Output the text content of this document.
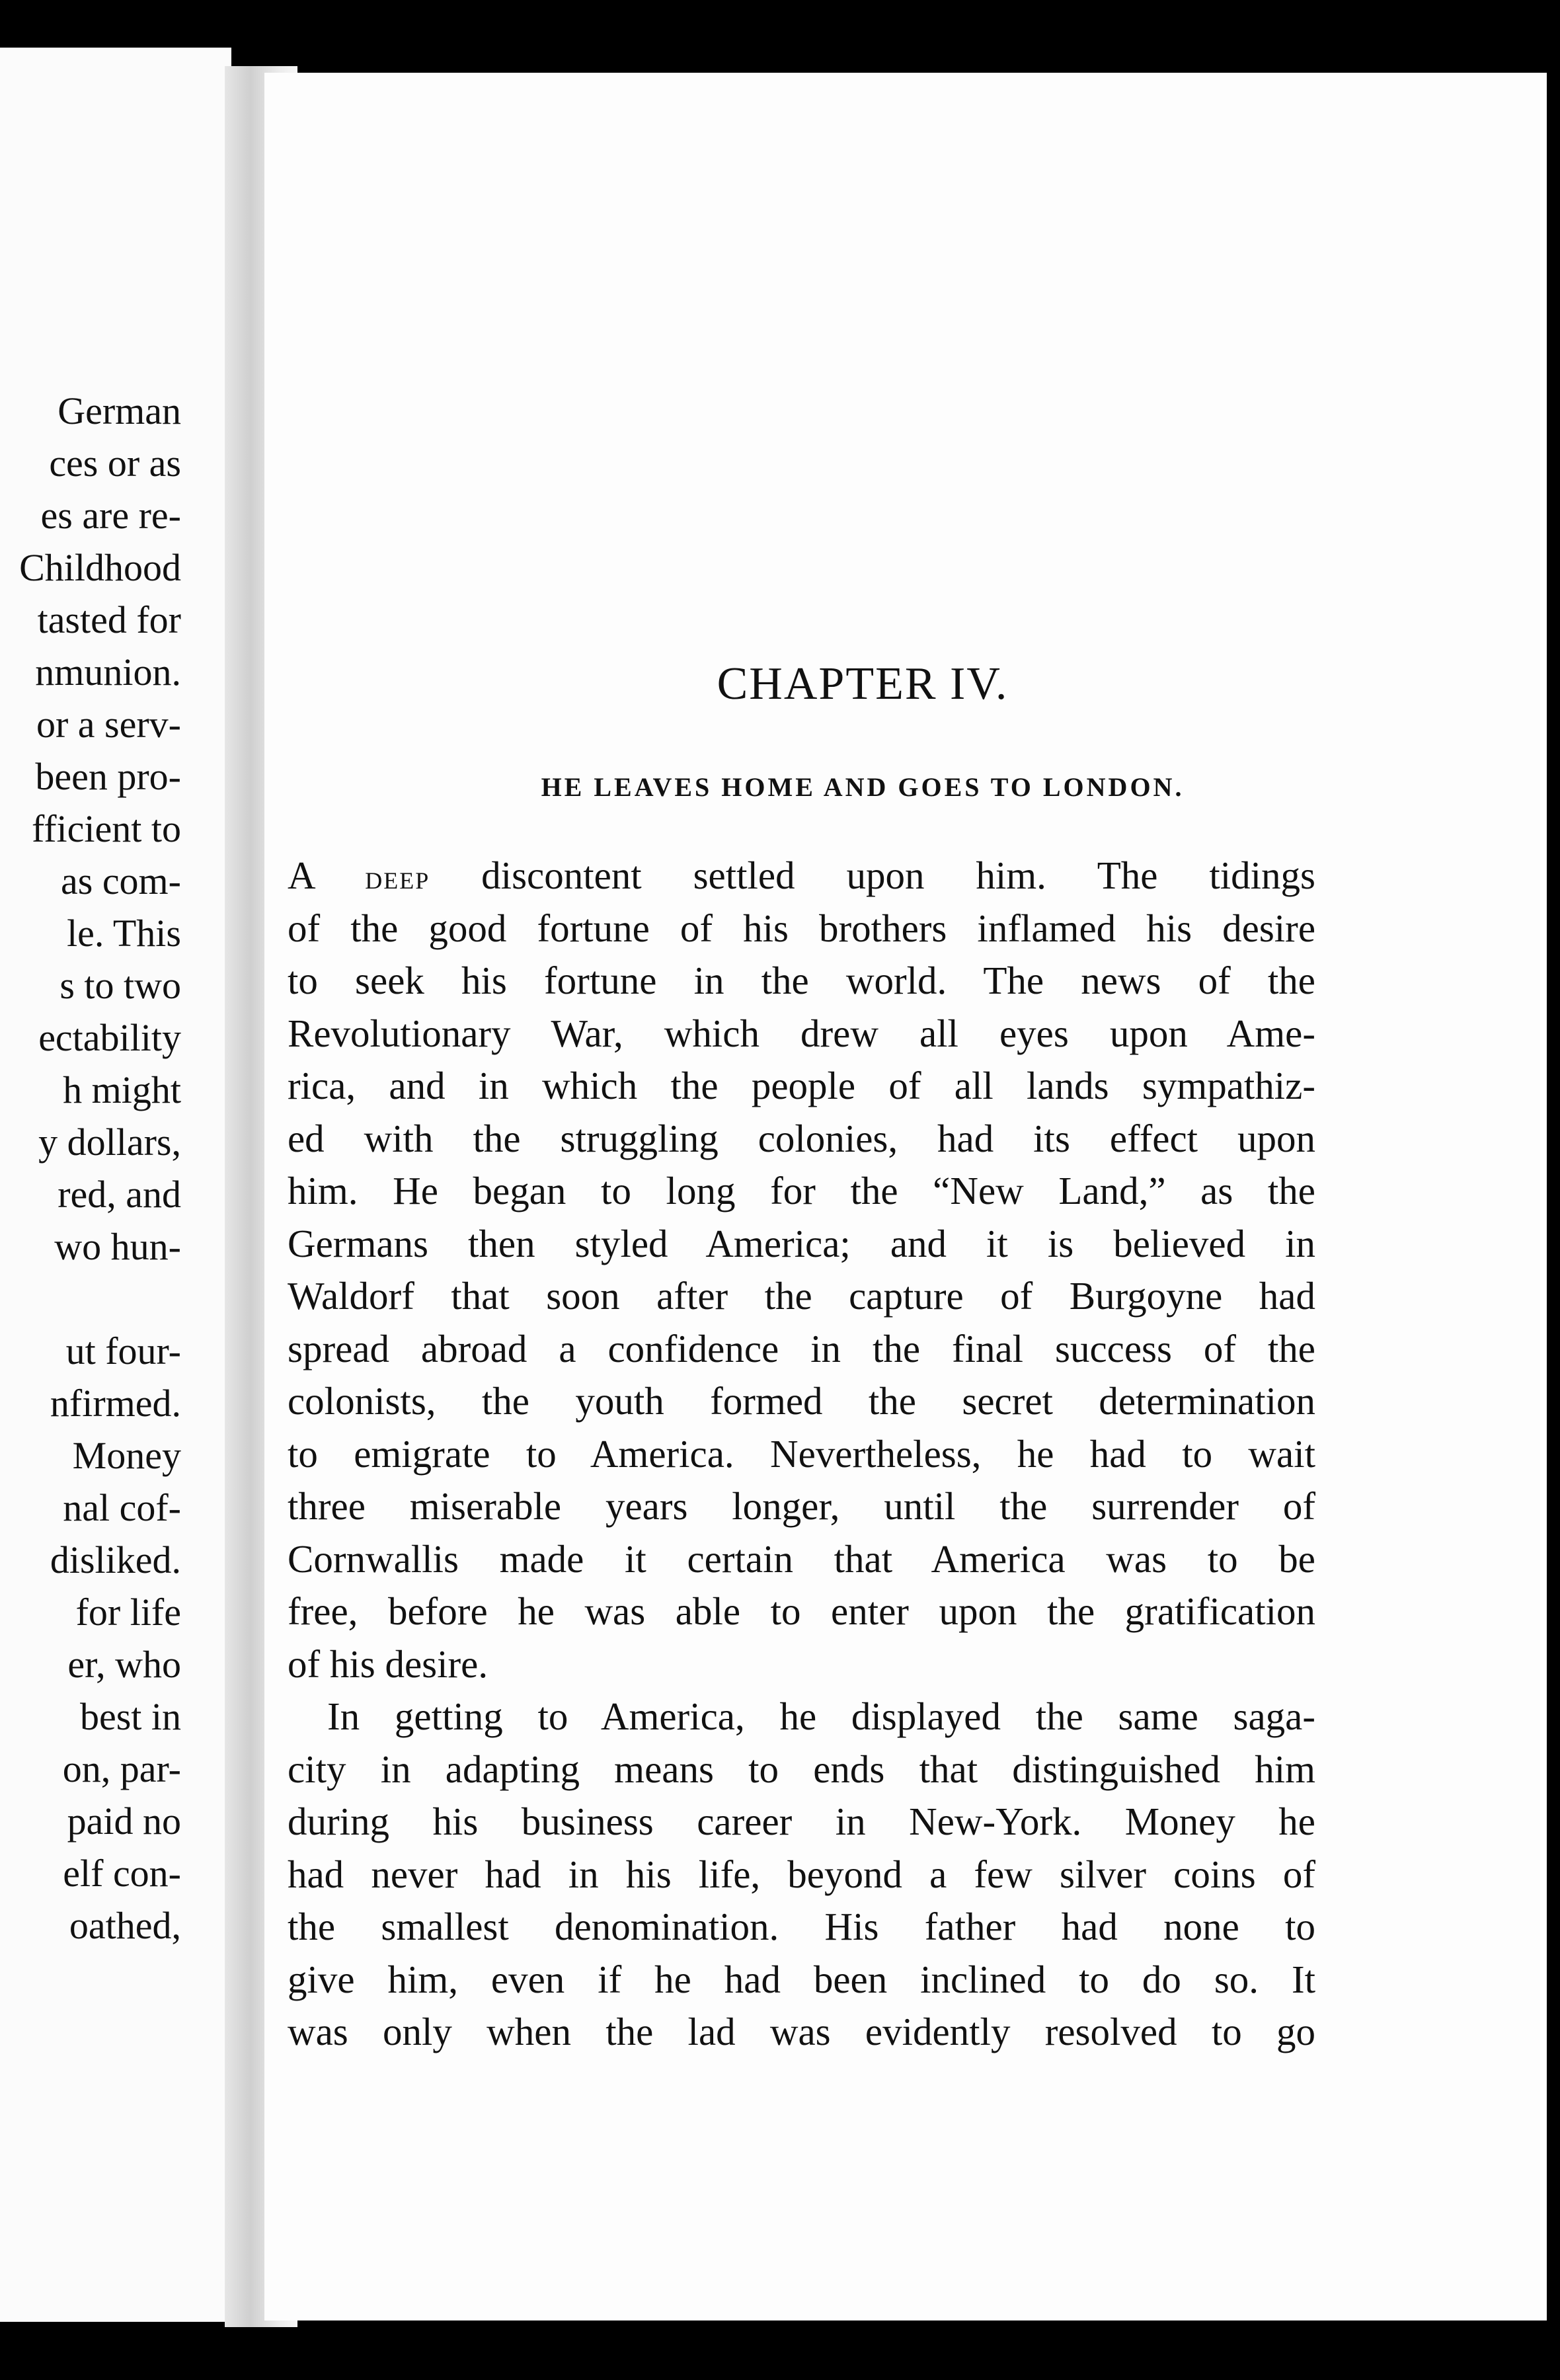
German
ces or as
es are re-
Childhood
tasted for
nmunion.
or a serv-
been pro-
fficient to
as com-
le. This
s to two
ectability
h might
y dollars,
red, and
wo hun-
ut four-
nfirmed.
Money
nal cof-
disliked.
for life
er, who
best in
on, par-
paid no
elf con-
oathed,
CHAPTER IV.
HE LEAVES HOME AND GOES TO LONDON.
A deep discontent settled upon him. The tidings
of the good fortune of his brothers inflamed his desire
to seek his fortune in the world. The news of the
Revolutionary War, which drew all eyes upon Ame-
rica, and in which the people of all lands sympathiz-
ed with the struggling colonies, had its effect upon
him. He began to long for the “New Land,” as the
Germans then styled America; and it is believed in
Waldorf that soon after the capture of Burgoyne had
spread abroad a confidence in the final success of the
colonists, the youth formed the secret determination
to emigrate to America. Nevertheless, he had to wait
three miserable years longer, until the surrender of
Cornwallis made it certain that America was to be
free, before he was able to enter upon the gratification
of his desire.
In getting to America, he displayed the same saga-
city in adapting means to ends that distinguished him
during his business career in New-York. Money he
had never had in his life, beyond a few silver coins of
the smallest denomination. His father had none to
give him, even if he had been inclined to do so. It
was only when the lad was evidently resolved to go
